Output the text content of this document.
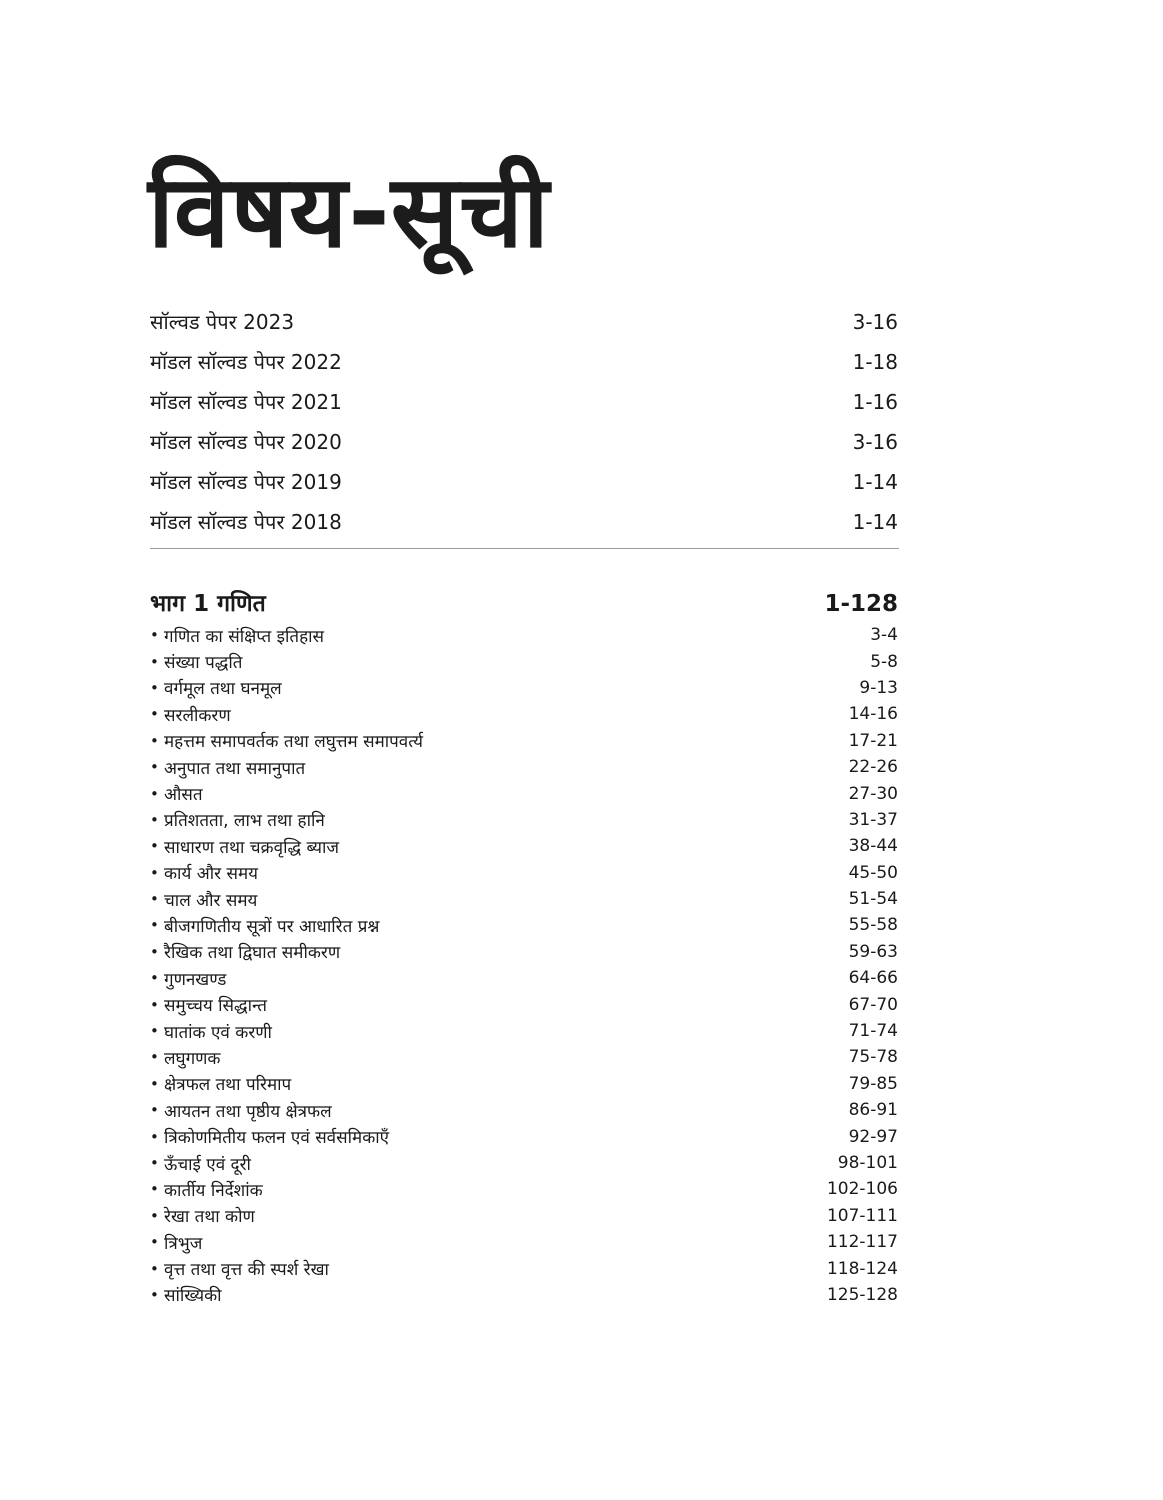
विषय-सूची
सॉल्वड पेपर 2023	3-16
मॉडल सॉल्वड पेपर 2022	1-18
मॉडल सॉल्वड पेपर 2021	1-16
मॉडल सॉल्वड पेपर 2020	3-16
मॉडल सॉल्वड पेपर 2019	1-14
मॉडल सॉल्वड पेपर 2018	1-14
भाग 1 गणित	1-128
• गणित का संक्षिप्त इतिहास	3-4
• संख्या पद्धति	5-8
• वर्गमूल तथा घनमूल	9-13
• सरलीकरण	14-16
• महत्तम समापवर्तक तथा लघुत्तम समापवर्त्य	17-21
• अनुपात तथा समानुपात	22-26
• औसत	27-30
• प्रतिशतता, लाभ तथा हानि	31-37
• साधारण तथा चक्रवृद्धि ब्याज	38-44
• कार्य और समय	45-50
• चाल और समय	51-54
• बीजगणितीय सूत्रों पर आधारित प्रश्न	55-58
• रैखिक तथा द्विघात समीकरण	59-63
• गुणनखण्ड	64-66
• समुच्चय सिद्धान्त	67-70
• घातांक एवं करणी	71-74
• लघुगणक	75-78
• क्षेत्रफल तथा परिमाप	79-85
• आयतन तथा पृष्ठीय क्षेत्रफल	86-91
• त्रिकोणमितीय फलन एवं सर्वसमिकाएँ	92-97
• ऊँचाई एवं दूरी	98-101
• कार्तीय निर्देशांक	102-106
• रेखा तथा कोण	107-111
• त्रिभुज	112-117
• वृत्त तथा वृत्त की स्पर्श रेखा	118-124
• सांख्यिकी	125-128
